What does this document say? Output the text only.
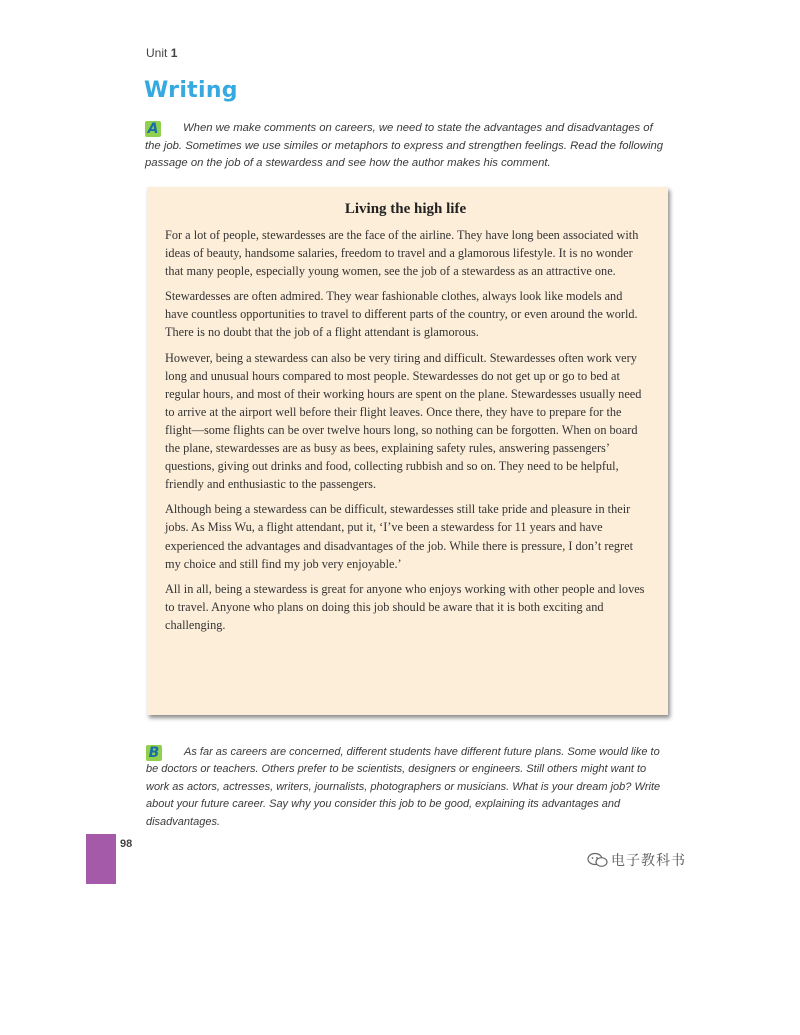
Unit 1
Writing
A When we make comments on careers, we need to state the advantages and disadvantages of the job. Sometimes we use similes or metaphors to express and strengthen feelings. Read the following passage on the job of a stewardess and see how the author makes his comment.
Living the high life

For a lot of people, stewardesses are the face of the airline. They have long been associated with ideas of beauty, handsome salaries, freedom to travel and a glamorous lifestyle. It is no wonder that many people, especially young women, see the job of a stewardess as an attractive one.

Stewardesses are often admired. They wear fashionable clothes, always look like models and have countless opportunities to travel to different parts of the country, or even around the world. There is no doubt that the job of a flight attendant is glamorous.

However, being a stewardess can also be very tiring and difficult. Stewardesses often work very long and unusual hours compared to most people. Stewardesses do not get up or go to bed at regular hours, and most of their working hours are spent on the plane. Stewardesses usually need to arrive at the airport well before their flight leaves. Once there, they have to prepare for the flight—some flights can be over twelve hours long, so nothing can be forgotten. When on board the plane, stewardesses are as busy as bees, explaining safety rules, answering passengers’ questions, giving out drinks and food, collecting rubbish and so on. They need to be helpful, friendly and enthusiastic to the passengers.

Although being a stewardess can be difficult, stewardesses still take pride and pleasure in their jobs. As Miss Wu, a flight attendant, put it, ‘I’ve been a stewardess for 11 years and have experienced the advantages and disadvantages of the job. While there is pressure, I don’t regret my choice and still find my job very enjoyable.’

All in all, being a stewardess is great for anyone who enjoys working with other people and loves to travel. Anyone who plans on doing this job should be aware that it is both exciting and challenging.

B As far as careers are concerned, different students have different future plans. Some would like to be doctors or teachers. Others prefer to be scientists, designers or engineers. Still others might want to work as actors, actresses, writers, journalists, photographers or musicians. What is your dream job? Write about your future career. Say why you consider this job to be good, explaining its advantages and disadvantages.
98
电子教科书
